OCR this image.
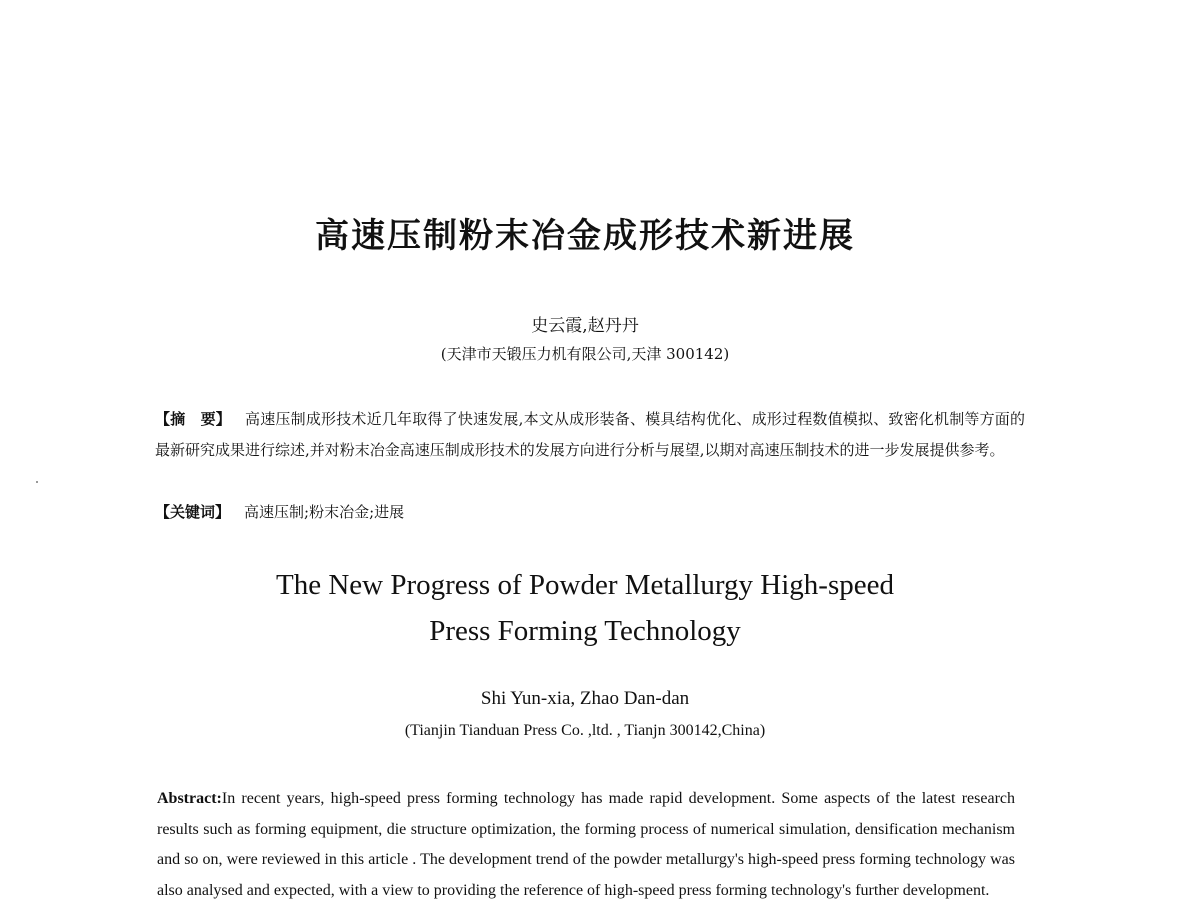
高速压制粉末冶金成形技术新进展
史云霞,赵丹丹
(天津市天锻压力机有限公司,天津 300142)
【摘　要】 高速压制成形技术近几年取得了快速发展,本文从成形装备、模具结构优化、成形过程数值模拟、致密化机制等方面的最新研究成果进行综述,并对粉末冶金高速压制成形技术的发展方向进行分析与展望,以期对高速压制技术的进一步发展提供参考。
【关键词】 高速压制;粉末冶金;进展
The New Progress of Powder Metallurgy High-speed
Press Forming Technology
Shi Yun-xia, Zhao Dan-dan
(Tianjin Tianduan Press Co. ,ltd. , Tianjn 300142,China)
Abstract:In recent years, high-speed press forming technology has made rapid development. Some aspects of the latest research results such as forming equipment, die structure optimization, the forming process of numerical simulation, densification mechanism and so on, were reviewed in this article . The development trend of the powder metallurgy's high-speed press forming technology was also analysed and expected, with a view to providing the reference of high-speed press forming technology's further development.
